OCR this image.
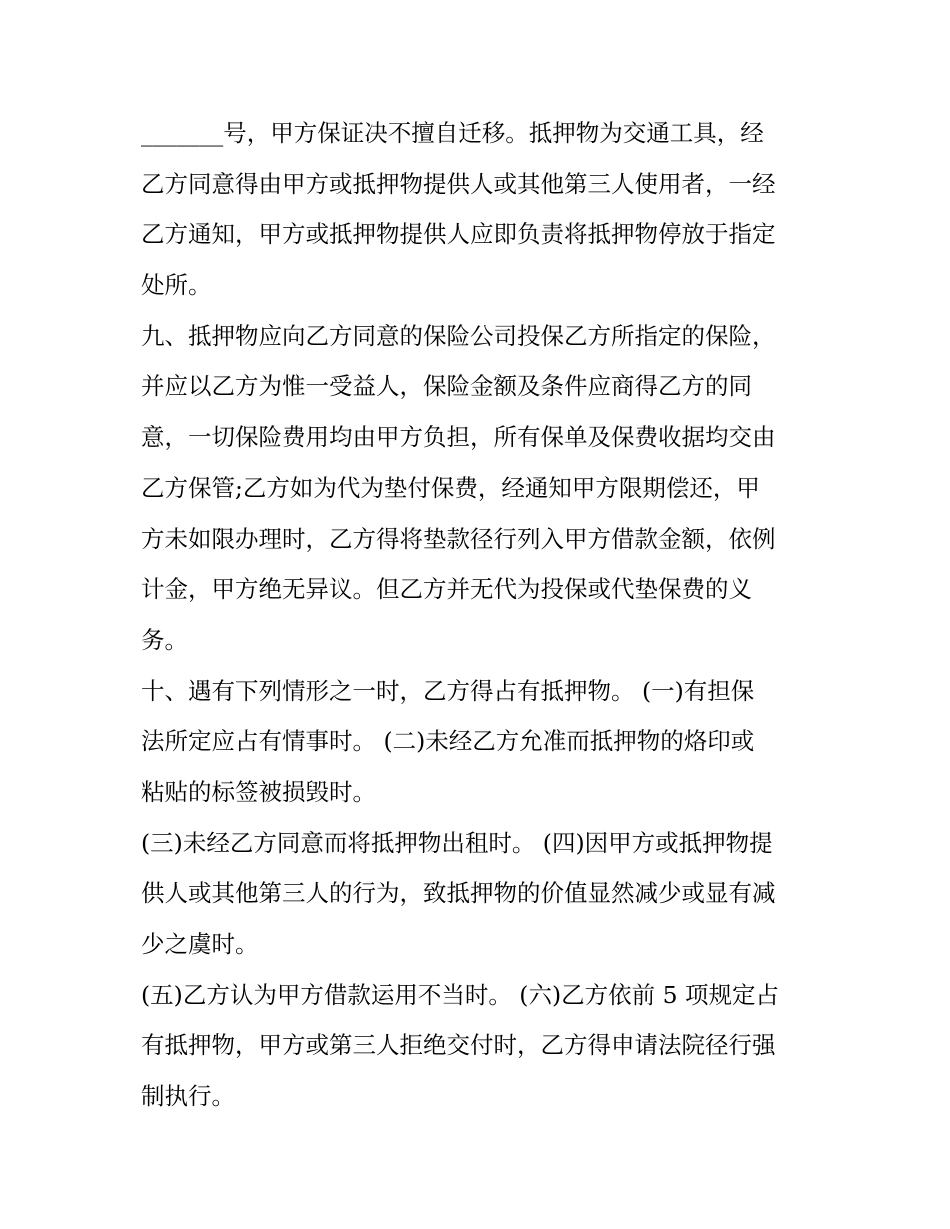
_______号，甲方保证决不擅自迁移。抵押物为交通工具，经
乙方同意得由甲方或抵押物提供人或其他第三人使用者，一经
乙方通知，甲方或抵押物提供人应即负责将抵押物停放于指定
处所。
九、抵押物应向乙方同意的保险公司投保乙方所指定的保险，
并应以乙方为惟一受益人，保险金额及条件应商得乙方的同
意，一切保险费用均由甲方负担，所有保单及保费收据均交由
乙方保管;乙方如为代为垫付保费，经通知甲方限期偿还，甲
方未如限办理时，乙方得将垫款径行列入甲方借款金额，依例
计金，甲方绝无异议。但乙方并无代为投保或代垫保费的义
务。
十、遇有下列情形之一时，乙方得占有抵押物。 (一)有担保
法所定应占有情事时。 (二)未经乙方允准而抵押物的烙印或
粘贴的标签被损毁时。
(三)未经乙方同意而将抵押物出租时。 (四)因甲方或抵押物提
供人或其他第三人的行为，致抵押物的价值显然减少或显有减
少之虞时。
(五)乙方认为甲方借款运用不当时。 (六)乙方依前 5 项规定占
有抵押物，甲方或第三人拒绝交付时，乙方得申请法院径行强
制执行。
